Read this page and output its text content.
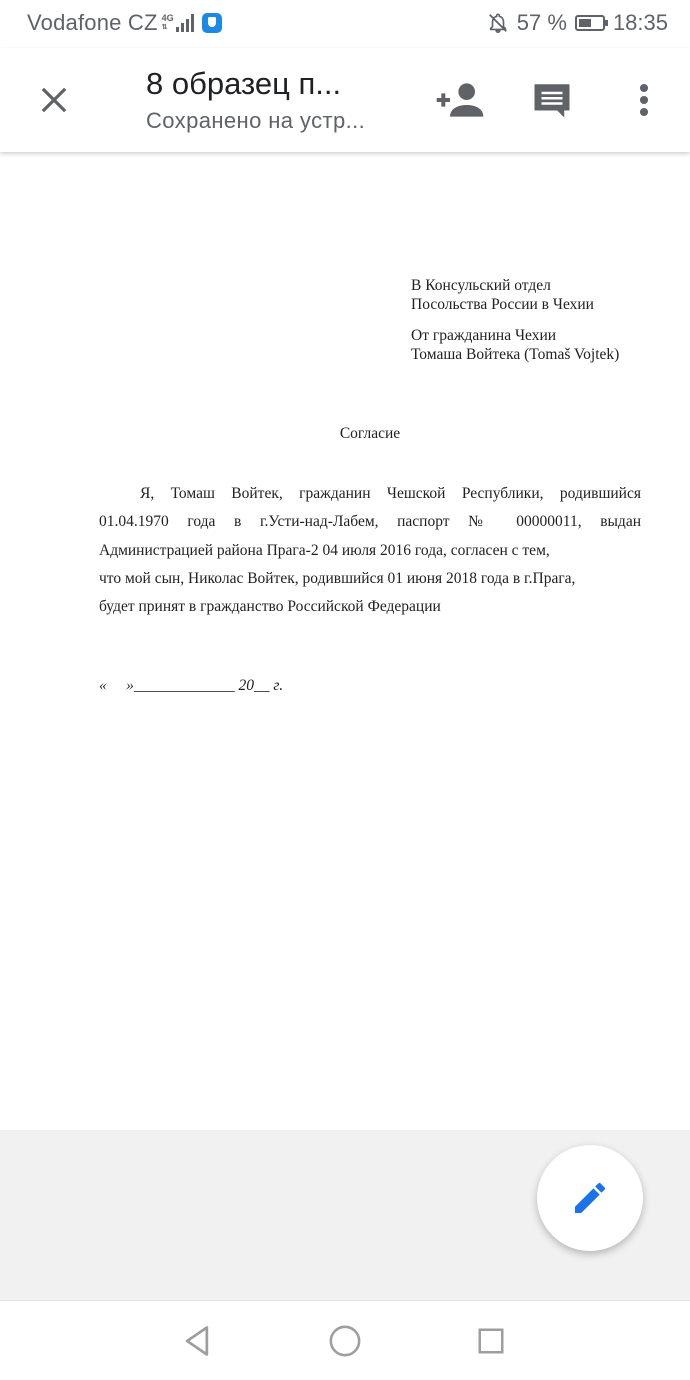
Vodafone CZ 4G
⇅	57 % 18:35
8 образец п...
Сохранено на устр...
В Консульский отдел
Посольства России в Чехии
От гражданина Чехии
Томаша Войтека (Tomaš Vojtek)
Согласие
Я, Томаш Войтек, гражданин Чешской Республики, родившийся
01.04.1970 года в г.Усти-над-Лабем, паспорт № 00000011, выдан
Администрацией района Прага-2 04 июля 2016 года, согласен с тем,
что мой сын, Николас Войтек, родившийся 01 июня 2018 года в г.Прага,
будет принят в гражданство Российской Федерации
«     »_____________ 20__ г.
